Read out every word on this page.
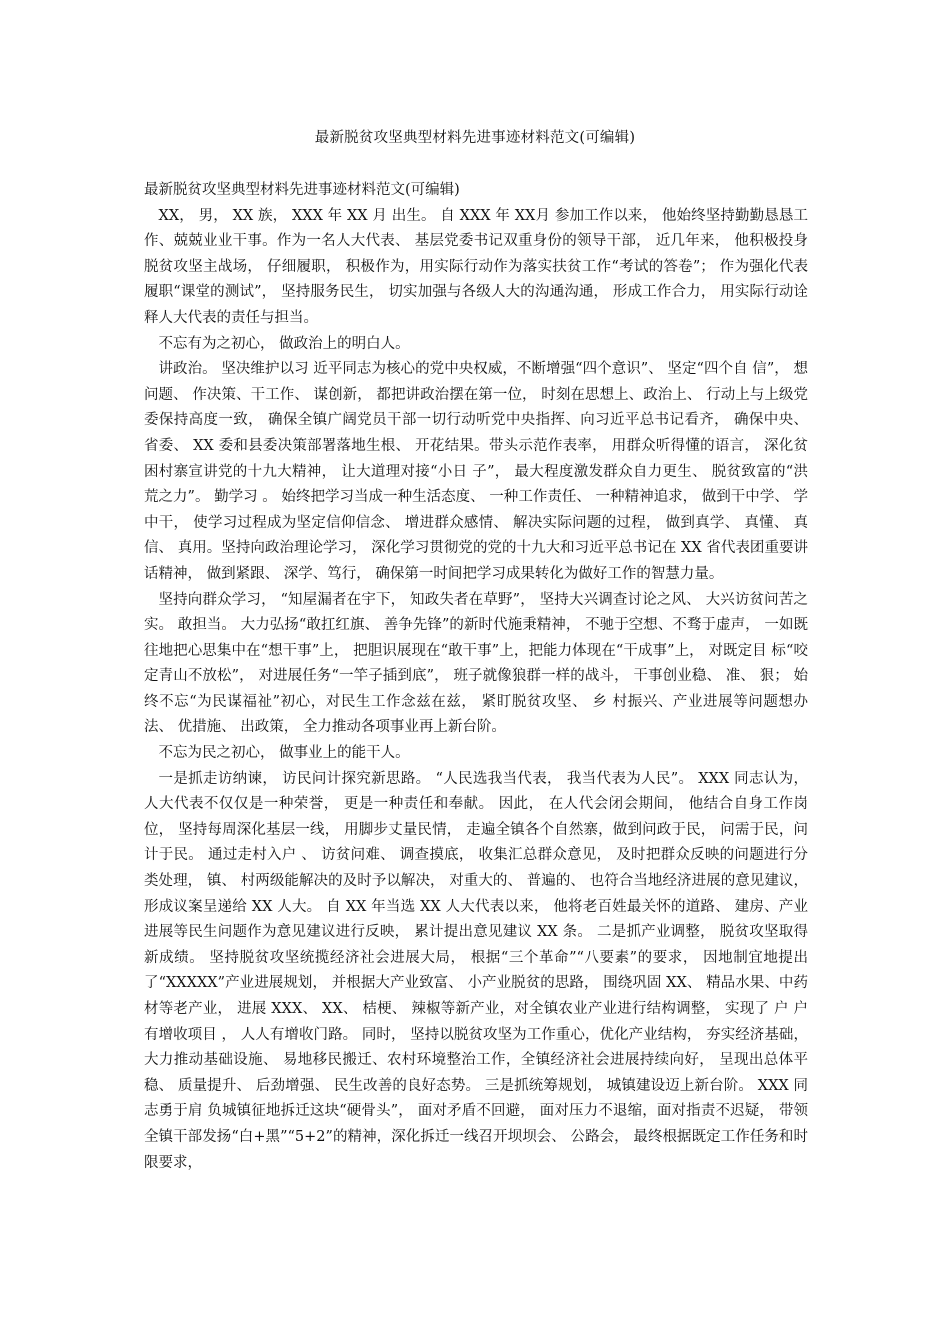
最新脱贫攻坚典型材料先进事迹材料范文(可编辑)

最新脱贫攻坚典型材料先进事迹材料范文(可编辑)

XX， 男， XX 族， XXX 年 XX 月 出生。 自 XXX 年 XX月 参加工作以来， 他始终坚持勤勤恳恳工作、兢兢业业干事。作为一名人大代表、 基层党委书记双重身份的领导干部， 近几年来， 他积极投身脱贫攻坚主战场， 仔细履职， 积极作为，用实际行动作为落实扶贫工作“考试的答卷”； 作为强化代表履职“课堂的测试”， 坚持服务民生， 切实加强与各级人大的沟通沟通， 形成工作合力， 用实际行动诠释人大代表的责任与担当。

不忘有为之初心， 做政治上的明白人。

讲政治。 坚决维护以习 近平同志为核心的党中央权威，不断增强“四个意识”、 坚定“四个自 信”， 想问题、 作决策、干工作、 谋创新， 都把讲政治摆在第一位， 时刻在思想上、政治上、 行动上与上级党委保持高度一致， 确保全镇广阔党员干部一切行动听党中央指挥、向习近平总书记看齐， 确保中央、 省委、 XX 委和县委决策部署落地生根、 开花结果。带头示范作表率， 用群众听得懂的语言， 深化贫困村寨宣讲党的十九大精神， 让大道理对接“小日 子”， 最大程度激发群众自力更生、 脱贫致富的“洪荒之力”。 勤学习 。 始终把学习当成一种生活态度、 一种工作责任、 一种精神追求， 做到干中学、 学中干， 使学习过程成为坚定信仰信念、 增进群众感情、 解决实际问题的过程， 做到真学、 真懂、 真信、 真用。坚持向政治理论学习， 深化学习贯彻党的党的十九大和习近平总书记在 XX 省代表团重要讲话精神， 做到紧跟、 深学、笃行， 确保第一时间把学习成果转化为做好工作的智慧力量。

坚持向群众学习， “知屋漏者在宇下， 知政失者在草野”， 坚持大兴调查讨论之风、 大兴访贫问苦之实。 敢担当。 大力弘扬“敢扛红旗、 善争先锋”的新时代施秉精神， 不驰于空想、不骛于虚声， 一如既往地把心思集中在“想干事”上， 把胆识展现在“敢干事”上，把能力体现在“干成事”上， 对既定目 标“咬定青山不放松”， 对进展任务“一竿子插到底”， 班子就像狼群一样的战斗， 干事创业稳、 准、 狠； 始终不忘“为民谋福祉”初心，对民生工作念兹在兹， 紧盯脱贫攻坚、 乡 村振兴、产业进展等问题想办法、 优措施、 出政策， 全力推动各项事业再上新台阶。

不忘为民之初心， 做事业上的能干人。

一是抓走访纳谏， 访民问计探究新思路。 “人民选我当代表， 我当代表为人民”。 XXX 同志认为， 人大代表不仅仅是一种荣誉， 更是一种责任和奉献。 因此， 在人代会闭会期间， 他结合自身工作岗位， 坚持每周深化基层一线， 用脚步丈量民情， 走遍全镇各个自然寨，做到问政于民， 问需于民，问计于民。 通过走村入户 、 访贫问难、 调查摸底， 收集汇总群众意见， 及时把群众反映的问题进行分类处理， 镇、 村两级能解决的及时予以解决， 对重大的、 普遍的、 也符合当地经济进展的意见建议， 形成议案呈递给 XX 人大。 自 XX 年当选 XX 人大代表以来， 他将老百姓最关怀的道路、 建房、产业进展等民生问题作为意见建议进行反映， 累计提出意见建议 XX 条。 二是抓产业调整， 脱贫攻坚取得新成绩。 坚持脱贫攻坚统揽经济社会进展大局， 根据“三个革命”“八要素”的要求， 因地制宜地提出了“XXXXX”产业进展规划， 并根据大产业致富、 小产业脱贫的思路， 围绕巩固 XX、 精品水果、中药材等老产业， 进展 XXX、 XX、 桔梗、 辣椒等新产业，对全镇农业产业进行结构调整， 实现了 户 户 有增收项目 ， 人人有增收门路。 同时， 坚持以脱贫攻坚为工作重心，优化产业结构， 夯实经济基础， 大力推动基础设施、 易地移民搬迁、农村环境整治工作，全镇经济社会进展持续向好， 呈现出总体平稳、 质量提升、 后劲增强、 民生改善的良好态势。 三是抓统筹规划， 城镇建设迈上新台阶。 XXX 同志勇于肩 负城镇征地拆迁这块“硬骨头”， 面对矛盾不回避， 面对压力不退缩，面对指责不迟疑， 带领全镇干部发扬“白+黑”“5+2”的精神，深化拆迁一线召开坝坝会、 公路会， 最终根据既定工作任务和时限要求，
